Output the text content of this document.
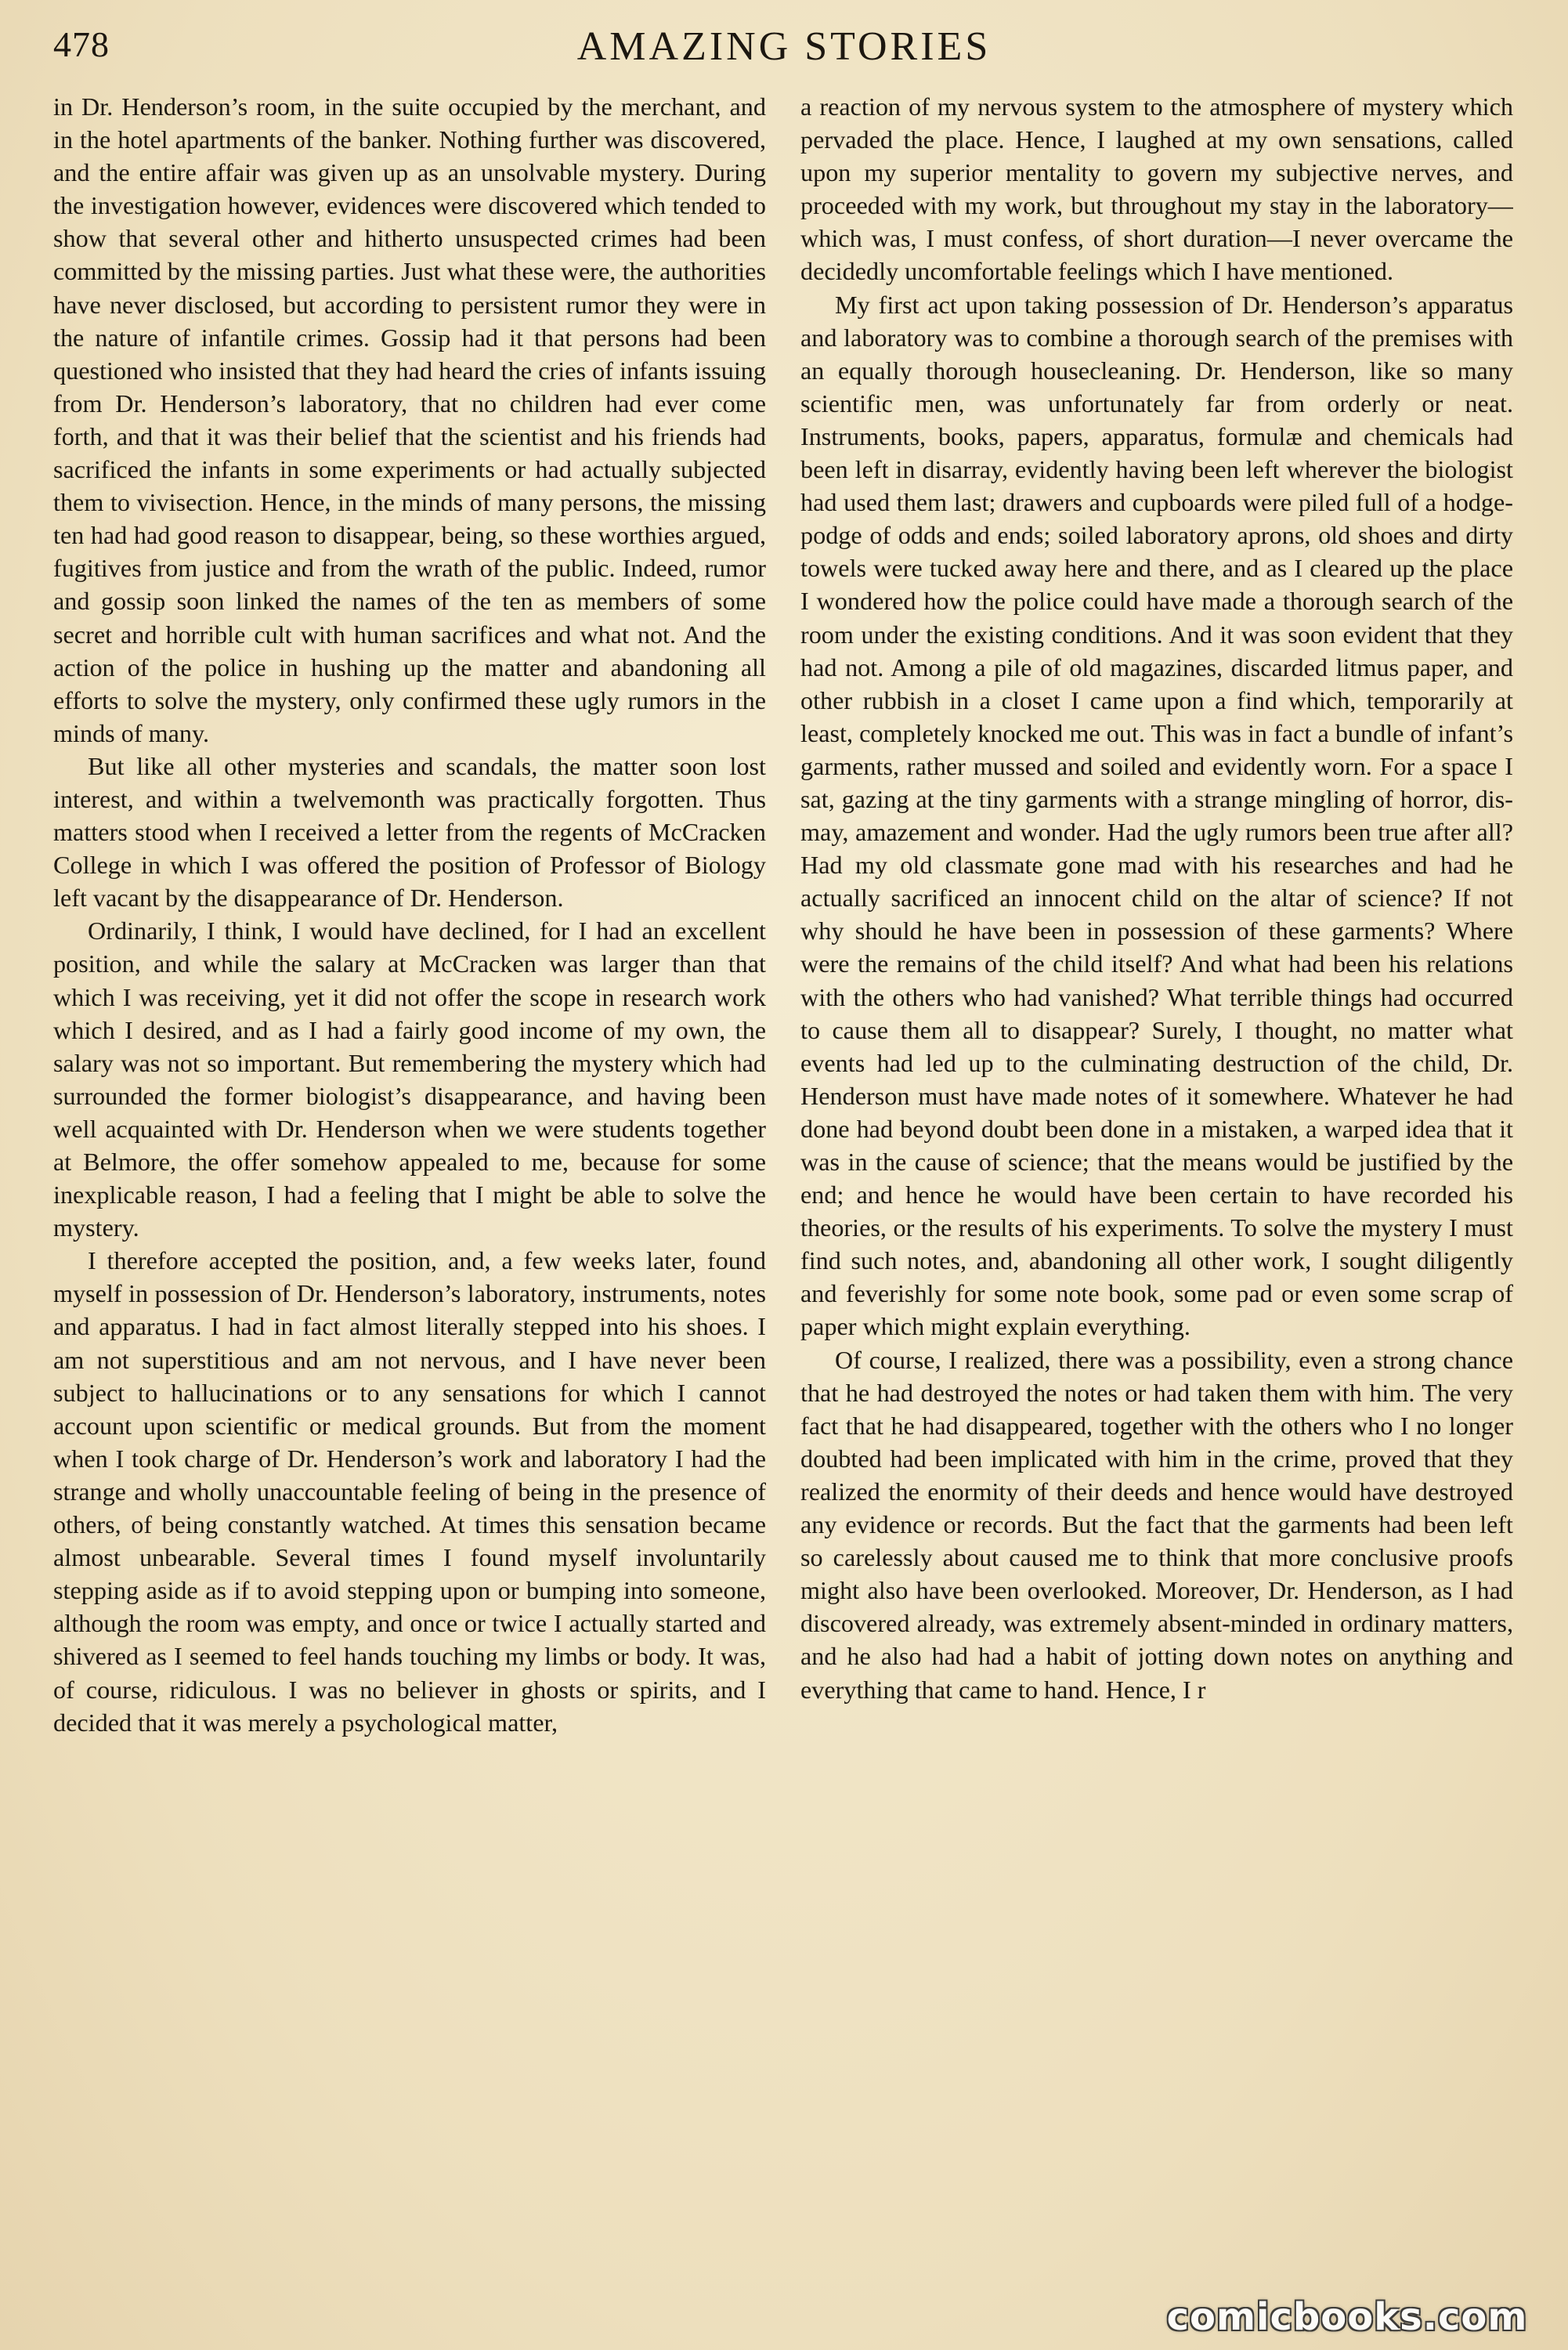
478	AMAZING STORIES

in Dr. Henderson’s room, in the suite occupied by the merchant, and in the hotel apartments of the banker. Nothing further was discovered, and the entire affair was given up as an unsolvable mystery. During the investigation however, evidences were discovered which tended to show that several other and hitherto unsuspected crimes had been committed by the missing parties. Just what these were, the authorities have never disclosed, but according to persistent rumor they were in the nature of infantile crimes. Gossip had it that persons had been questioned who insisted that they had heard the cries of infants issuing from Dr. Henderson’s laboratory, that no children had ever come forth, and that it was their belief that the scientist and his friends had sacrificed the infants in some experiments or had actually subjected them to vivisection. Hence, in the minds of many persons, the missing ten had had good reason to disappear, being, so these worthies argued, fugitives from justice and from the wrath of the public. Indeed, rumor and gossip soon linked the names of the ten as members of some secret and horrible cult with human sacrifices and what not. And the action of the police in hushing up the matter and abandoning all efforts to solve the mystery, only confirmed these ugly rumors in the minds of many.

But like all other mysteries and scandals, the matter soon lost interest, and within a twelvemonth was practically forgotten. Thus matters stood when I received a letter from the regents of McCracken College in which I was offered the position of Professor of Biology left vacant by the disappearance of Dr. Henderson.

Ordinarily, I think, I would have declined, for I had an excellent position, and while the salary at McCracken was larger than that which I was receiving, yet it did not offer the scope in research work which I desired, and as I had a fairly good income of my own, the salary was not so important. But remembering the mystery which had surrounded the former biologist’s disappearance, and having been well acquainted with Dr. Henderson when we were students together at Belmore, the offer somehow appealed to me, because for some inexplicable reason, I had a feeling that I might be able to solve the mystery.

I therefore accepted the position, and, a few weeks later, found myself in possession of Dr. Henderson’s laboratory, instruments, notes and apparatus. I had in fact almost literally stepped into his shoes. I am not superstitious and am not nervous, and I have never been subject to hallucinations or to any sensations for which I cannot account upon scientific or medical grounds. But from the moment when I took charge of Dr. Henderson’s work and laboratory I had the strange and wholly unaccountable feeling of being in the presence of others, of being constantly watched. At times this sensation became almost unbearable. Several times I found myself involuntarily stepping aside as if to avoid stepping upon or bumping into someone, although the room was empty, and once or twice I actually started and shivered as I seemed to feel hands touching my limbs or body. It was, of course, ridiculous. I was no believer in ghosts or spirits, and I decided that it was merely a psychological matter,

a reaction of my nervous system to the atmosphere of mystery which pervaded the place. Hence, I laughed at my own sensations, called upon my superior mentality to govern my subjective nerves, and proceeded with my work, but throughout my stay in the laboratory—which was, I must confess, of short duration—I never overcame the decidedly uncomfortable feelings which I have mentioned.

My first act upon taking possession of Dr. Henderson’s apparatus and laboratory was to combine a thorough search of the premises with an equally thorough housecleaning. Dr. Henderson, like so many scientific men, was unfortunately far from orderly or neat. Instruments, books, papers, apparatus, formulæ and chemicals had been left in disarray, evidently having been left wherever the biologist had used them last; drawers and cupboards were piled full of a hodge-podge of odds and ends; soiled laboratory aprons, old shoes and dirty towels were tucked away here and there, and as I cleared up the place I wondered how the police could have made a thorough search of the room under the existing conditions. And it was soon evident that they had not. Among a pile of old magazines, discarded litmus paper, and other rubbish in a closet I came upon a find which, temporarily at least, completely knocked me out. This was in fact a bundle of infant’s garments, rather mussed and soiled and evidently worn. For a space I sat, gazing at the tiny garments with a strange mingling of horror, dismay, amazement and wonder. Had the ugly rumors been true after all? Had my old classmate gone mad with his researches and had he actually sacrificed an innocent child on the altar of science? If not why should he have been in possession of these garments? Where were the remains of the child itself? And what had been his relations with the others who had vanished? What terrible things had occurred to cause them all to disappear? Surely, I thought, no matter what events had led up to the culminating destruction of the child, Dr. Henderson must have made notes of it somewhere. Whatever he had done had beyond doubt been done in a mistaken, a warped idea that it was in the cause of science; that the means would be justified by the end; and hence he would have been certain to have recorded his theories, or the results of his experiments. To solve the mystery I must find such notes, and, abandoning all other work, I sought diligently and feverishly for some note book, some pad or even some scrap of paper which might explain everything.

Of course, I realized, there was a possibility, even a strong chance that he had destroyed the notes or had taken them with him. The very fact that he had disappeared, together with the others who I no longer doubted had been implicated with him in the crime, proved that they realized the enormity of their deeds and hence would have destroyed any evidence or records. But the fact that the garments had been left so carelessly about caused me to think that more conclusive proofs might also have been overlooked. Moreover, Dr. Henderson, as I had discovered already, was extremely absent-minded in ordinary matters, and he also had had a habit of jotting down notes on anything and everything that came to hand. Hence, I r

comicbooks.com
